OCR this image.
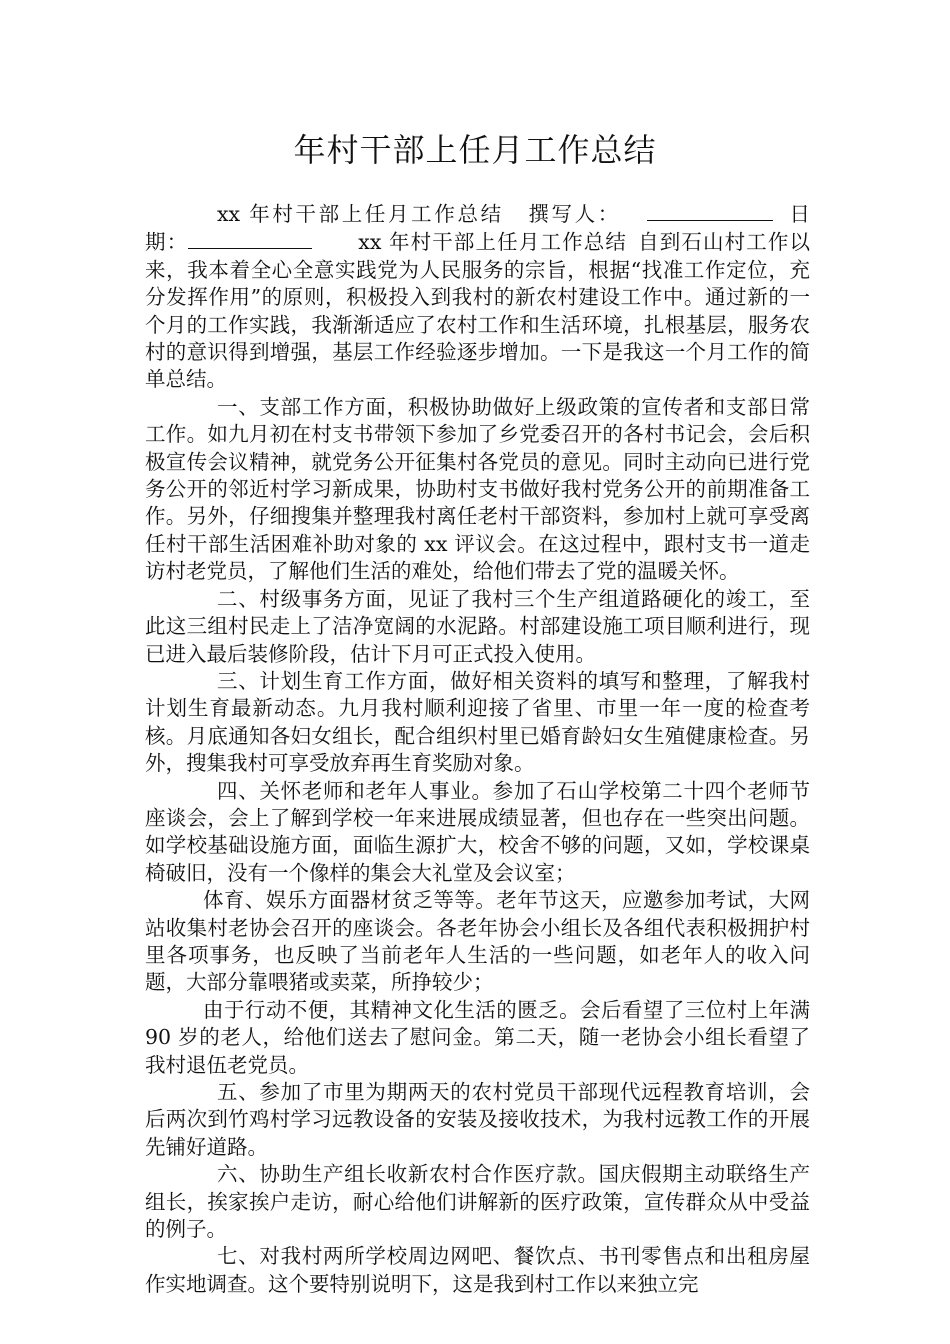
年村干部上任月工作总结

xx 年村干部上任月工作总结 撰写人：	日　期：	xx 年村干部上任月工作总结 自到石山村工作以来，我本着全心全意实践党为人民服务的宗旨，根据“找准工作定位，充分发挥作用”的原则，积极投入到我村的新农村建设工作中。通过新的一个月的工作实践，我渐渐适应了农村工作和生活环境，扎根基层，服务农村的意识得到增强，基层工作经验逐步增加。一下是我这一个月工作的简单总结。

一、支部工作方面，积极协助做好上级政策的宣传者和支部日常工作。如九月初在村支书带领下参加了乡党委召开的各村书记会，会后积极宣传会议精神，就党务公开征集村各党员的意见。同时主动向已进行党务公开的邻近村学习新成果，协助村支书做好我村党务公开的前期准备工作。另外，仔细搜集并整理我村离任老村干部资料，参加村上就可享受离任村干部生活困难补助对象的 xx 评议会。在这过程中，跟村支书一道走访村老党员，了解他们生活的难处，给他们带去了党的温暖关怀。

二、村级事务方面，见证了我村三个生产组道路硬化的竣工，至此这三组村民走上了洁净宽阔的水泥路。村部建设施工项目顺利进行，现已进入最后装修阶段，估计下月可正式投入使用。

三、计划生育工作方面，做好相关资料的填写和整理，了解我村计划生育最新动态。九月我村顺利迎接了省里、市里一年一度的检查考核。月底通知各妇女组长，配合组织村里已婚育龄妇女生殖健康检查。另外，搜集我村可享受放弃再生育奖励对象。

四、关怀老师和老年人事业。参加了石山学校第二十四个老师节座谈会，会上了解到学校一年来进展成绩显著，但也存在一些突出问题。如学校基础设施方面，面临生源扩大，校舍不够的问题，又如，学校课桌椅破旧，没有一个像样的集会大礼堂及会议室；

体育、娱乐方面器材贫乏等等。老年节这天，应邀参加考试，大网站收集村老协会召开的座谈会。各老年协会小组长及各组代表积极拥护村里各项事务，也反映了当前老年人生活的一些问题，如老年人的收入问题，大部分靠喂猪或卖菜，所挣较少；

由于行动不便，其精神文化生活的匮乏。会后看望了三位村上年满 90 岁的老人，给他们送去了慰问金。第二天，随一老协会小组长看望了我村退伍老党员。

五、参加了市里为期两天的农村党员干部现代远程教育培训，会后两次到竹鸡村学习远教设备的安装及接收技术，为我村远教工作的开展先铺好道路。

六、协助生产组长收新农村合作医疗款。国庆假期主动联络生产组长，挨家挨户走访，耐心给他们讲解新的医疗政策，宣传群众从中受益的例子。

七、对我村两所学校周边网吧、餐饮点、书刊零售点和出租房屋作实地调查。这个要特别说明下，这是我到村工作以来独立完
